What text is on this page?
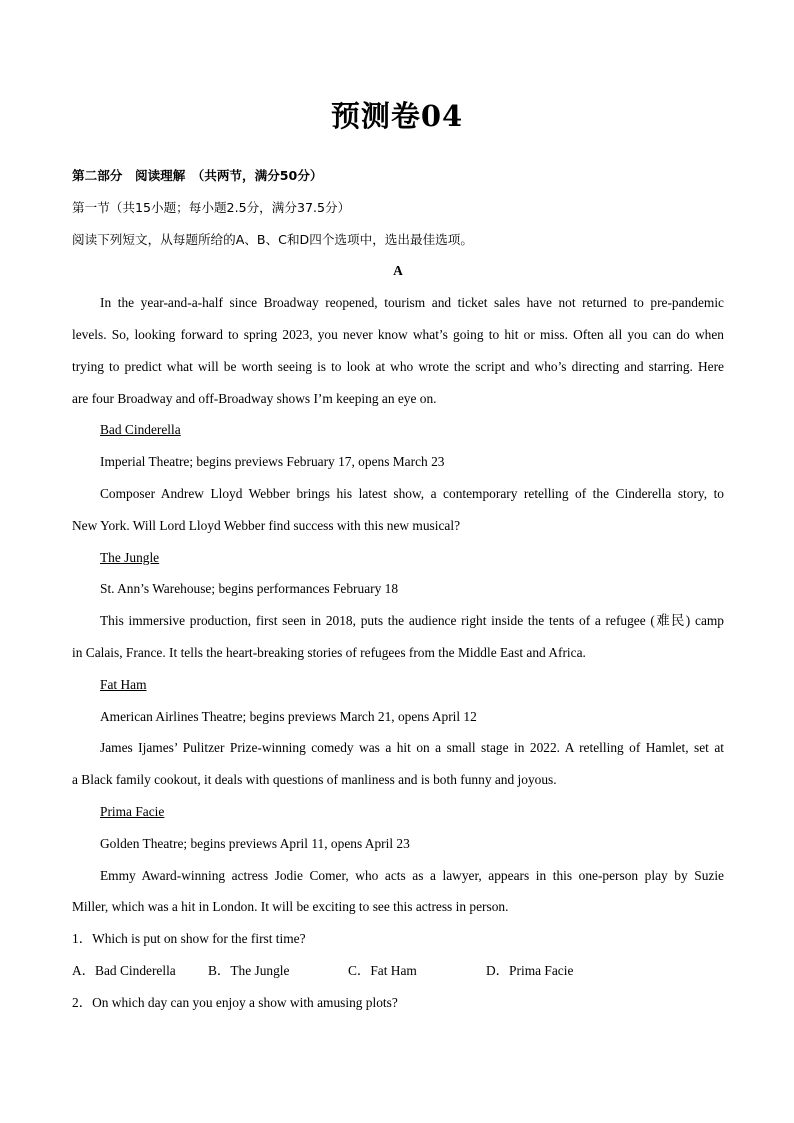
预测卷04
第二部分　阅读理解　（共两节，满分50分）
第一节（共15小题；每小题2.5分，满分37.5分）
阅读下列短文，从每题所给的A、B、C和D四个选项中，选出最佳选项。
A
In the year-and-a-half since Broadway reopened, tourism and ticket sales have not returned to pre-pandemic
levels. So, looking forward to spring 2023, you never know what’s going to hit or miss. Often all you can do when
trying to predict what will be worth seeing is to look at who wrote the script and who’s directing and starring. Here
are four Broadway and off-Broadway shows I’m keeping an eye on.
Bad Cinderella
Imperial Theatre; begins previews February 17, opens March 23
Composer Andrew Lloyd Webber brings his latest show, a contemporary retelling of the Cinderella story, to
New York. Will Lord Lloyd Webber find success with this new musical?
The Jungle
St. Ann’s Warehouse; begins performances February 18
This immersive production, first seen in 2018, puts the audience right inside the tents of a refugee (难民) camp
in Calais, France. It tells the heart-breaking stories of refugees from the Middle East and Africa.
Fat Ham
American Airlines Theatre; begins previews March 21, opens April 12
James Ijames’ Pulitzer Prize-winning comedy was a hit on a small stage in 2022. A retelling of Hamlet, set at
a Black family cookout, it deals with questions of manliness and is both funny and joyous.
Prima Facie
Golden Theatre; begins previews April 11, opens April 23
Emmy Award-winning actress Jodie Comer, who acts as a lawyer, appears in this one-person play by Suzie
Miller, which was a hit in London. It will be exciting to see this actress in person.
1．Which is put on show for the first time?
A．Bad Cinderella	B．The Jungle	C．Fat Ham	D．Prima Facie
2．On which day can you enjoy a show with amusing plots?
